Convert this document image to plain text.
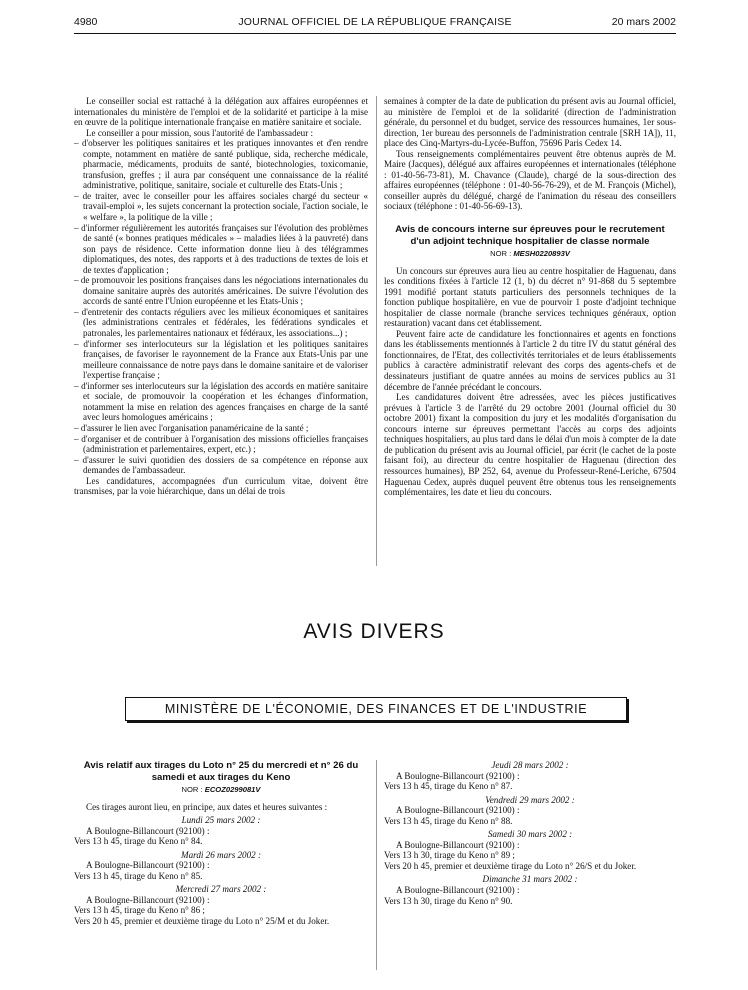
4980	JOURNAL OFFICIEL DE LA RÉPUBLIQUE FRANÇAISE	20 mars 2002

Le conseiller social est rattaché à la délégation aux affaires européennes et internationales du ministère de l'emploi et de la solidarité et participe à la mise en œuvre de la politique internationale française en matière sanitaire et sociale.

Le conseiller a pour mission, sous l'autorité de l'ambassadeur :

– d'observer les politiques sanitaires et les pratiques innovantes et d'en rendre compte, notamment en matière de santé publique, sida, recherche médicale, pharmacie, médicaments, produits de santé, biotechnologies, toxicomanie, transfusion, greffes ; il aura par conséquent une connaissance de la réalité administrative, politique, sanitaire, sociale et culturelle des Etats-Unis ;

– de traiter, avec le conseiller pour les affaires sociales chargé du secteur « travail-emploi », les sujets concernant la protection sociale, l'action sociale, le « welfare », la politique de la ville ;

– d'informer régulièrement les autorités françaises sur l'évolution des problèmes de santé (« bonnes pratiques médicales » – maladies liées à la pauvreté) dans son pays de résidence. Cette information donne lieu à des télégrammes diplomatiques, des notes, des rapports et à des traductions de textes de lois et de textes d'application ;

– de promouvoir les positions françaises dans les négociations internationales du domaine sanitaire auprès des autorités américaines. De suivre l'évolution des accords de santé entre l'Union européenne et les Etats-Unis ;

– d'entretenir des contacts réguliers avec les milieux économiques et sanitaires (les administrations centrales et fédérales, les fédérations syndicales et patronales, les parlementaires nationaux et fédéraux, les associations...) ;

– d'informer ses interlocuteurs sur la législation et les politiques sanitaires françaises, de favoriser le rayonnement de la France aux Etats-Unis par une meilleure connaissance de notre pays dans le domaine sanitaire et de valoriser l'expertise française ;

– d'informer ses interlocuteurs sur la législation des accords en matière sanitaire et sociale, de promouvoir la coopération et les échanges d'information, notamment la mise en relation des agences françaises en charge de la santé avec leurs homologues américains ;

– d'assurer le lien avec l'organisation panaméricaine de la santé ;

– d'organiser et de contribuer à l'organisation des missions officielles françaises (administration et parlementaires, expert, etc.) ;

– d'assurer le suivi quotidien des dossiers de sa compétence en réponse aux demandes de l'ambassadeur.

Les candidatures, accompagnées d'un curriculum vitae, doivent être transmises, par la voie hiérarchique, dans un délai de trois

semaines à compter de la date de publication du présent avis au Journal officiel, au ministère de l'emploi et de la solidarité (direction de l'administration générale, du personnel et du budget, service des ressources humaines, 1er sous-direction, 1er bureau des personnels de l'administration centrale [SRH 1A]), 11, place des Cinq-Martyrs-du-Lycée-Buffon, 75696 Paris Cedex 14.

Tous renseignements complémentaires peuvent être obtenus auprès de M. Maire (Jacques), délégué aux affaires européennes et internationales (téléphone : 01-40-56-73-81), M. Chavance (Claude), chargé de la sous-direction des affaires européennes (téléphone : 01-40-56-76-29), et de M. François (Michel), conseiller auprès du délégué, chargé de l'animation du réseau des conseillers sociaux (téléphone : 01-40-56-69-13).

Avis de concours interne sur épreuves pour le recrutement d'un adjoint technique hospitalier de classe normale
NOR : MESH0220893V

Un concours sur épreuves aura lieu au centre hospitalier de Haguenau, dans les conditions fixées à l'article 12 (1, b) du décret n° 91-868 du 5 septembre 1991 modifié portant statuts particuliers des personnels techniques de la fonction publique hospitalière, en vue de pourvoir 1 poste d'adjoint technique hospitalier de classe normale (branche services techniques généraux, option restauration) vacant dans cet établissement.

Peuvent faire acte de candidature les fonctionnaires et agents en fonctions dans les établissements mentionnés à l'article 2 du titre IV du statut général des fonctionnaires, de l'Etat, des collectivités territoriales et de leurs établissements publics à caractère administratif relevant des corps des agents-chefs et de dessinateurs justifiant de quatre années au moins de services publics au 31 décembre de l'année précédant le concours.

Les candidatures doivent être adressées, avec les pièces justificatives prévues à l'article 3 de l'arrêté du 29 octobre 2001 (Journal officiel du 30 octobre 2001) fixant la composition du jury et les modalités d'organisation du concours interne sur épreuves permettant l'accès au corps des adjoints techniques hospitaliers, au plus tard dans le délai d'un mois à compter de la date de publication du présent avis au Journal officiel, par écrit (le cachet de la poste faisant foi), au directeur du centre hospitalier de Haguenau (direction des ressources humaines), BP 252, 64, avenue du Professeur-René-Leriche, 67504 Haguenau Cedex, auprès duquel peuvent être obtenus tous les renseignements complémentaires, les date et lieu du concours.

AVIS DIVERS
MINISTÈRE DE L'ÉCONOMIE, DES FINANCES ET DE L'INDUSTRIE
Avis relatif aux tirages du Loto n° 25 du mercredi et n° 26 du samedi et aux tirages du Keno
NOR : ECOZ0299081V

Ces tirages auront lieu, en principe, aux dates et heures suivantes :

Lundi 25 mars 2002 :

A Boulogne-Billancourt (92100) :

Vers 13 h 45, tirage du Keno n° 84.

Mardi 26 mars 2002 :

A Boulogne-Billancourt (92100) :

Vers 13 h 45, tirage du Keno n° 85.

Mercredi 27 mars 2002 :

A Boulogne-Billancourt (92100) :

Vers 13 h 45, tirage du Keno n° 86 ;

Vers 20 h 45, premier et deuxième tirage du Loto n° 25/M et du Joker.

Jeudi 28 mars 2002 :

A Boulogne-Billancourt (92100) :

Vers 13 h 45, tirage du Keno n° 87.

Vendredi 29 mars 2002 :

A Boulogne-Billancourt (92100) :

Vers 13 h 45, tirage du Keno n° 88.

Samedi 30 mars 2002 :

A Boulogne-Billancourt (92100) :

Vers 13 h 30, tirage du Keno n° 89 ;

Vers 20 h 45, premier et deuxième tirage du Loto n° 26/S et du Joker.

Dimanche 31 mars 2002 :

A Boulogne-Billancourt (92100) :

Vers 13 h 30, tirage du Keno n° 90.
